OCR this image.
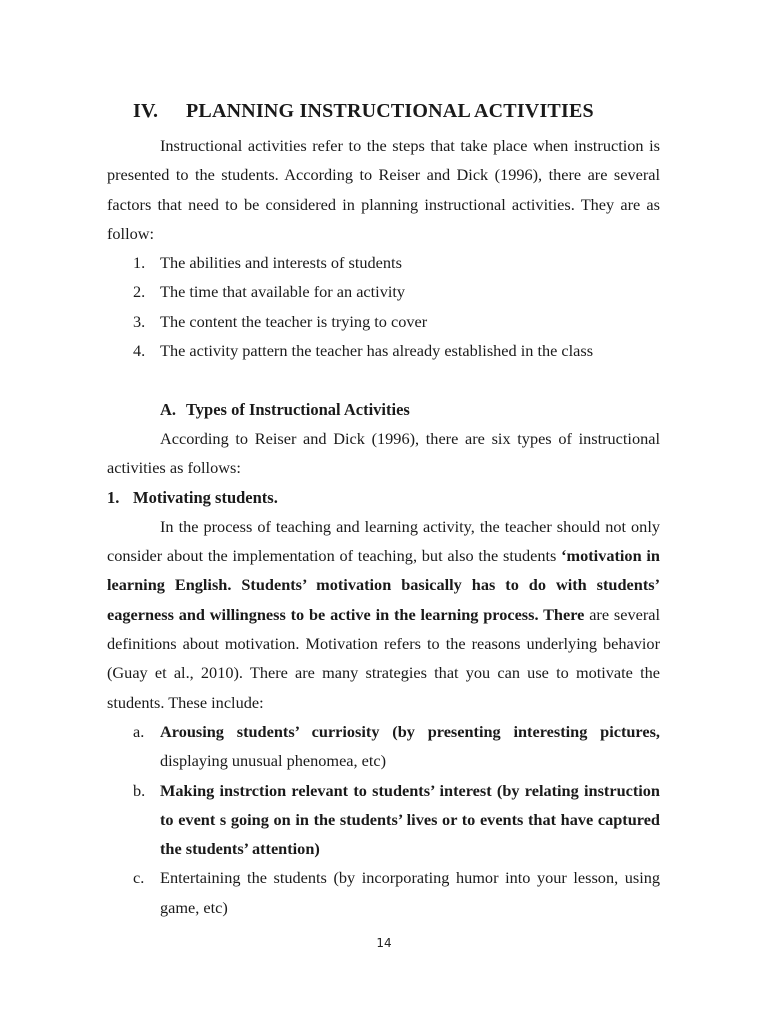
IV. PLANNING INSTRUCTIONAL ACTIVITIES

Instructional activities refer to the steps that take place when instruction is presented to the students. According to Reiser and Dick (1996), there are several factors that need to be considered in planning instructional activities. They are as follow:

1. The abilities and interests of students
2. The time that available for an activity
3. The content the teacher is trying to cover
4. The activity pattern the teacher has already established in the class
A. Types of Instructional Activities

According to Reiser and Dick (1996), there are six types of instructional activities as follows:

1. Motivating students.

In the process of teaching and learning activity, the teacher should not only consider about the implementation of teaching, but also the students ‘motivation in learning English. Students’ motivation basically has to do with students’ eagerness and willingness to be active in the learning process. There are several definitions about motivation. Motivation refers to the reasons underlying behavior (Guay et al., 2010). There are many strategies that you can use to motivate the students. These include:

a. Arousing students’ curriosity (by presenting interesting pictures, displaying unusual phenomea, etc)
b. Making instrction relevant to students’ interest (by relating instruction to event s going on in the students’ lives or to events that have captured the students’ attention)
c. Entertaining the students (by incorporating humor into your lesson, using game, etc)
14
